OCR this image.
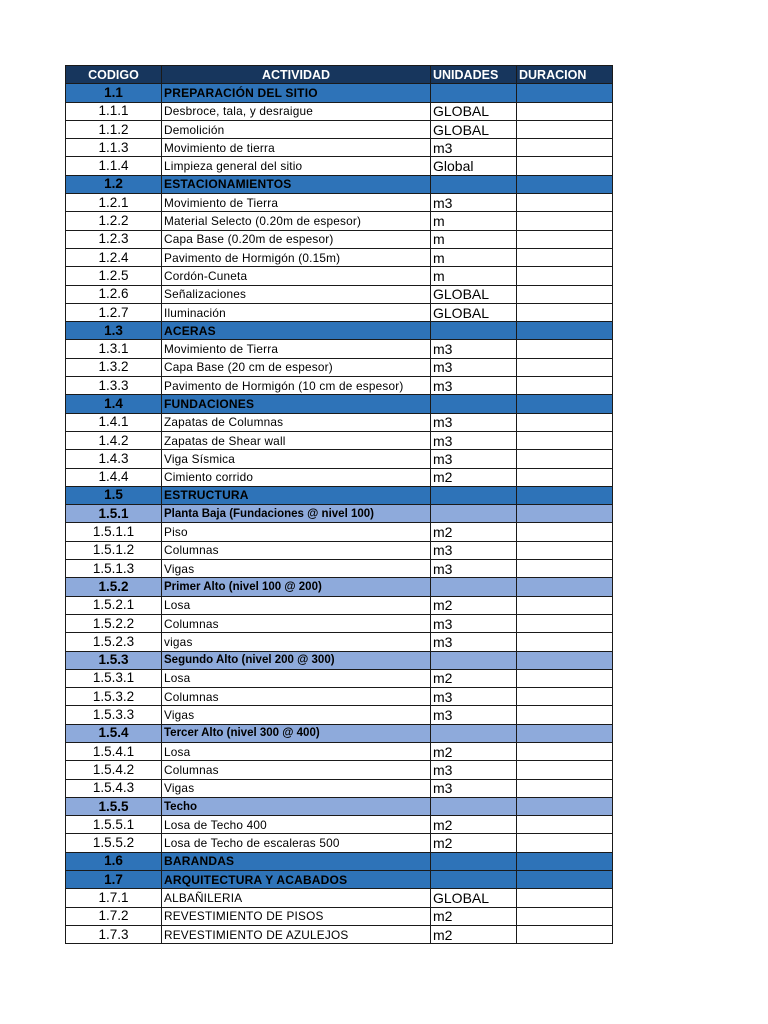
CODIGO	ACTIVIDAD	UNIDADES	DURACION
1.1	PREPARACIÓN DEL SITIO		
1.1.1	Desbroce, tala, y desraigue	GLOBAL	
1.1.2	Demolición	GLOBAL	
1.1.3	Movimiento de tierra	m3	
1.1.4	Limpieza general del sitio	Global	
1.2	ESTACIONAMIENTOS		
1.2.1	Movimiento de Tierra	m3	
1.2.2	Material Selecto (0.20m de espesor)	m	
1.2.3	Capa Base (0.20m de espesor)	m	
1.2.4	Pavimento de Hormigón (0.15m)	m	
1.2.5	Cordón-Cuneta	m	
1.2.6	Señalizaciones	GLOBAL	
1.2.7	Iluminación	GLOBAL	
1.3	ACERAS		
1.3.1	Movimiento de Tierra	m3	
1.3.2	Capa Base (20 cm de espesor)	m3	
1.3.3	Pavimento de Hormigón (10 cm de espesor)	m3	
1.4	FUNDACIONES		
1.4.1	Zapatas de Columnas	m3	
1.4.2	Zapatas de Shear wall	m3	
1.4.3	Viga Sísmica	m3	
1.4.4	Cimiento corrido	m2	
1.5	ESTRUCTURA		
1.5.1	Planta Baja (Fundaciones @ nivel 100)		
1.5.1.1	Piso	m2	
1.5.1.2	Columnas	m3	
1.5.1.3	Vigas	m3	
1.5.2	Primer Alto (nivel 100 @ 200)		
1.5.2.1	Losa	m2	
1.5.2.2	Columnas	m3	
1.5.2.3	vigas	m3	
1.5.3	Segundo Alto (nivel 200 @ 300)		
1.5.3.1	Losa	m2	
1.5.3.2	Columnas	m3	
1.5.3.3	Vigas	m3	
1.5.4	Tercer Alto (nivel 300 @ 400)		
1.5.4.1	Losa	m2	
1.5.4.2	Columnas	m3	
1.5.4.3	Vigas	m3	
1.5.5	Techo		
1.5.5.1	Losa de Techo 400	m2	
1.5.5.2	Losa de Techo de escaleras 500	m2	
1.6	BARANDAS		
1.7	ARQUITECTURA Y ACABADOS		
1.7.1	ALBAÑILERIA	GLOBAL	
1.7.2	REVESTIMIENTO DE PISOS	m2	
1.7.3	REVESTIMIENTO DE AZULEJOS	m2	
